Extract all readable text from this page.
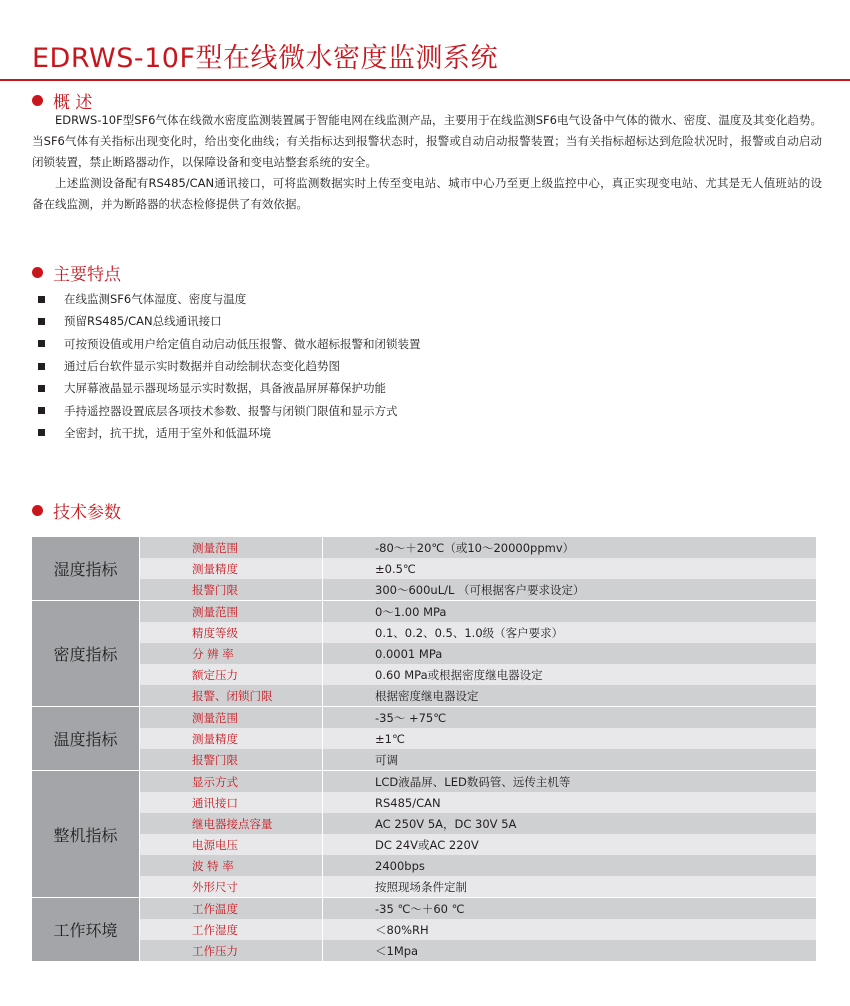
EDRWS-10F型在线微水密度监测系统
概 述

EDRWS-10F型SF6气体在线微水密度监测装置属于智能电网在线监测产品，主要用于在线监测SF6电气设备中气体的微水、密度、温度及其变化趋势。当SF6气体有关指标出现变化时，给出变化曲线；有关指标达到报警状态时，报警或自动启动报警装置；当有关指标超标达到危险状况时，报警或自动启动闭锁装置，禁止断路器动作，以保障设备和变电站整套系统的安全。

上述监测设备配有RS485/CAN通讯接口，可将监测数据实时上传至变电站、城市中心乃至更上级监控中心，真正实现变电站、尤其是无人值班站的设备在线监测，并为断路器的状态检修提供了有效依据。

主要特点
在线监测SF6气体湿度、密度与温度
预留RS485/CAN总线通讯接口
可按预设值或用户给定值自动启动低压报警、微水超标报警和闭锁装置
通过后台软件显示实时数据并自动绘制状态变化趋势图
大屏幕液晶显示器现场显示实时数据，具备液晶屏屏幕保护功能
手持遥控器设置底层各项技术参数、报警与闭锁门限值和显示方式
全密封，抗干扰，适用于室外和低温环境
技术参数
湿度指标
测量范围	-80～＋20℃（或10～20000ppmv）
测量精度	±0.5℃
报警门限	300～600uL/L （可根据客户要求设定）
密度指标
测量范围	0～1.00 MPa
精度等级	0.1、0.2、0.5、1.0级（客户要求）
分 辨 率	0.0001 MPa
额定压力	0.60 MPa或根据密度继电器设定
报警、闭锁门限	根据密度继电器设定
温度指标
测量范围	-35～ +75℃
测量精度	±1℃
报警门限	可调
整机指标
显示方式	LCD液晶屏、LED数码管、远传主机等
通讯接口	RS485/CAN
继电器接点容量	AC 250V 5A，DC 30V 5A
电源电压	DC 24V或AC 220V
波 特 率	2400bps
外形尺寸	按照现场条件定制
工作环境
工作温度	-35 ℃～＋60 ℃
工作湿度	＜80%RH
工作压力	＜1Mpa
